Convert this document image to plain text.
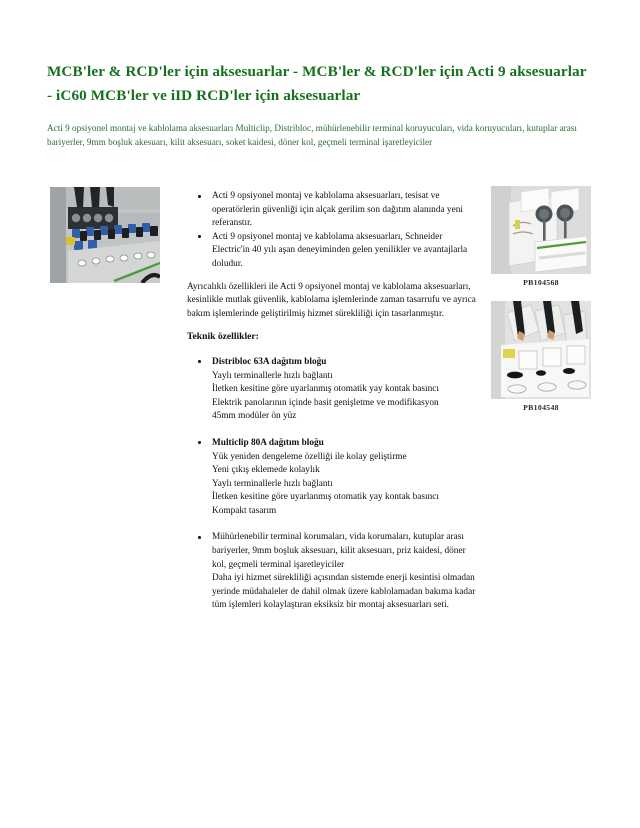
MCB'ler & RCD'ler için aksesuarlar - MCB'ler & RCD'ler için Acti 9 aksesuarlar - iC60 MCB'ler ve iID RCD'ler için aksesuarlar
Acti 9 opsiyonel montaj ve kablolama aksesuarları Multiclip, Distribloc, mühürlenebilir terminal koruyucuları, vida koruyucuları, kutuplar arası bariyerler, 9mm boşluk akesuarı, kilit aksesuarı, soket kaidesi, döner kol, geçmeli terminal işaretleyiciler
PB104568
PB104548
Acti 9 opsiyonel montaj ve kablolama aksesuarları, tesisat ve operatörlerin güvenliği için alçak gerilim son dağıtım alanında yeni referanstır.
Acti 9 opsiyonel montaj ve kablolama aksesuarları, Schneider Electric'in 40 yılı aşan deneyiminden gelen yenilikler ve avantajlarla doludur.

Ayrıcalıklı özellikleri ile Acti 9 opsiyonel montaj ve kablolama aksesuarları, kesinlikle mutlak güvenlik, kablolama işlemlerinde zaman tasarrufu ve ayrıca bakım işlemlerinde geliştirilmiş hizmet sürekliliği için tasarlanmıştır.

Teknik özellikler:

Distribloc 63A dağıtım bloğu
Yaylı terminallerle hızlı bağlantı
İletken kesitine göre uyarlanmış otomatik yay kontak basıncı
Elektrik panolarının içinde basit genişletme ve modifikasyon
45mm modüler ön yüz
Multiclip 80A dağıtım bloğu
Yük yeniden dengeleme özelliği ile kolay geliştirme
Yeni çıkış eklemede kolaylık
Yaylı terminallerle hızlı bağlantı
İletken kesitine göre uyarlanmış otomatik yay kontak basıncı
Kompakt tasarım
Mühürlenebilir terminal korumaları, vida korumaları, kutuplar arası bariyerler, 9mm boşluk aksesuarı, kilit aksesuarı, priz kaidesi, döner kol, geçmeli terminal işaretleyiciler
Daha iyi hizmet sürekliliği açısından sistemde enerji kesintisi olmadan yerinde müdahaleler de dahil olmak üzere kablolamadan bakıma kadar tüm işlemleri kolaylaştıran eksiksiz bir montaj aksesuarları seti.
